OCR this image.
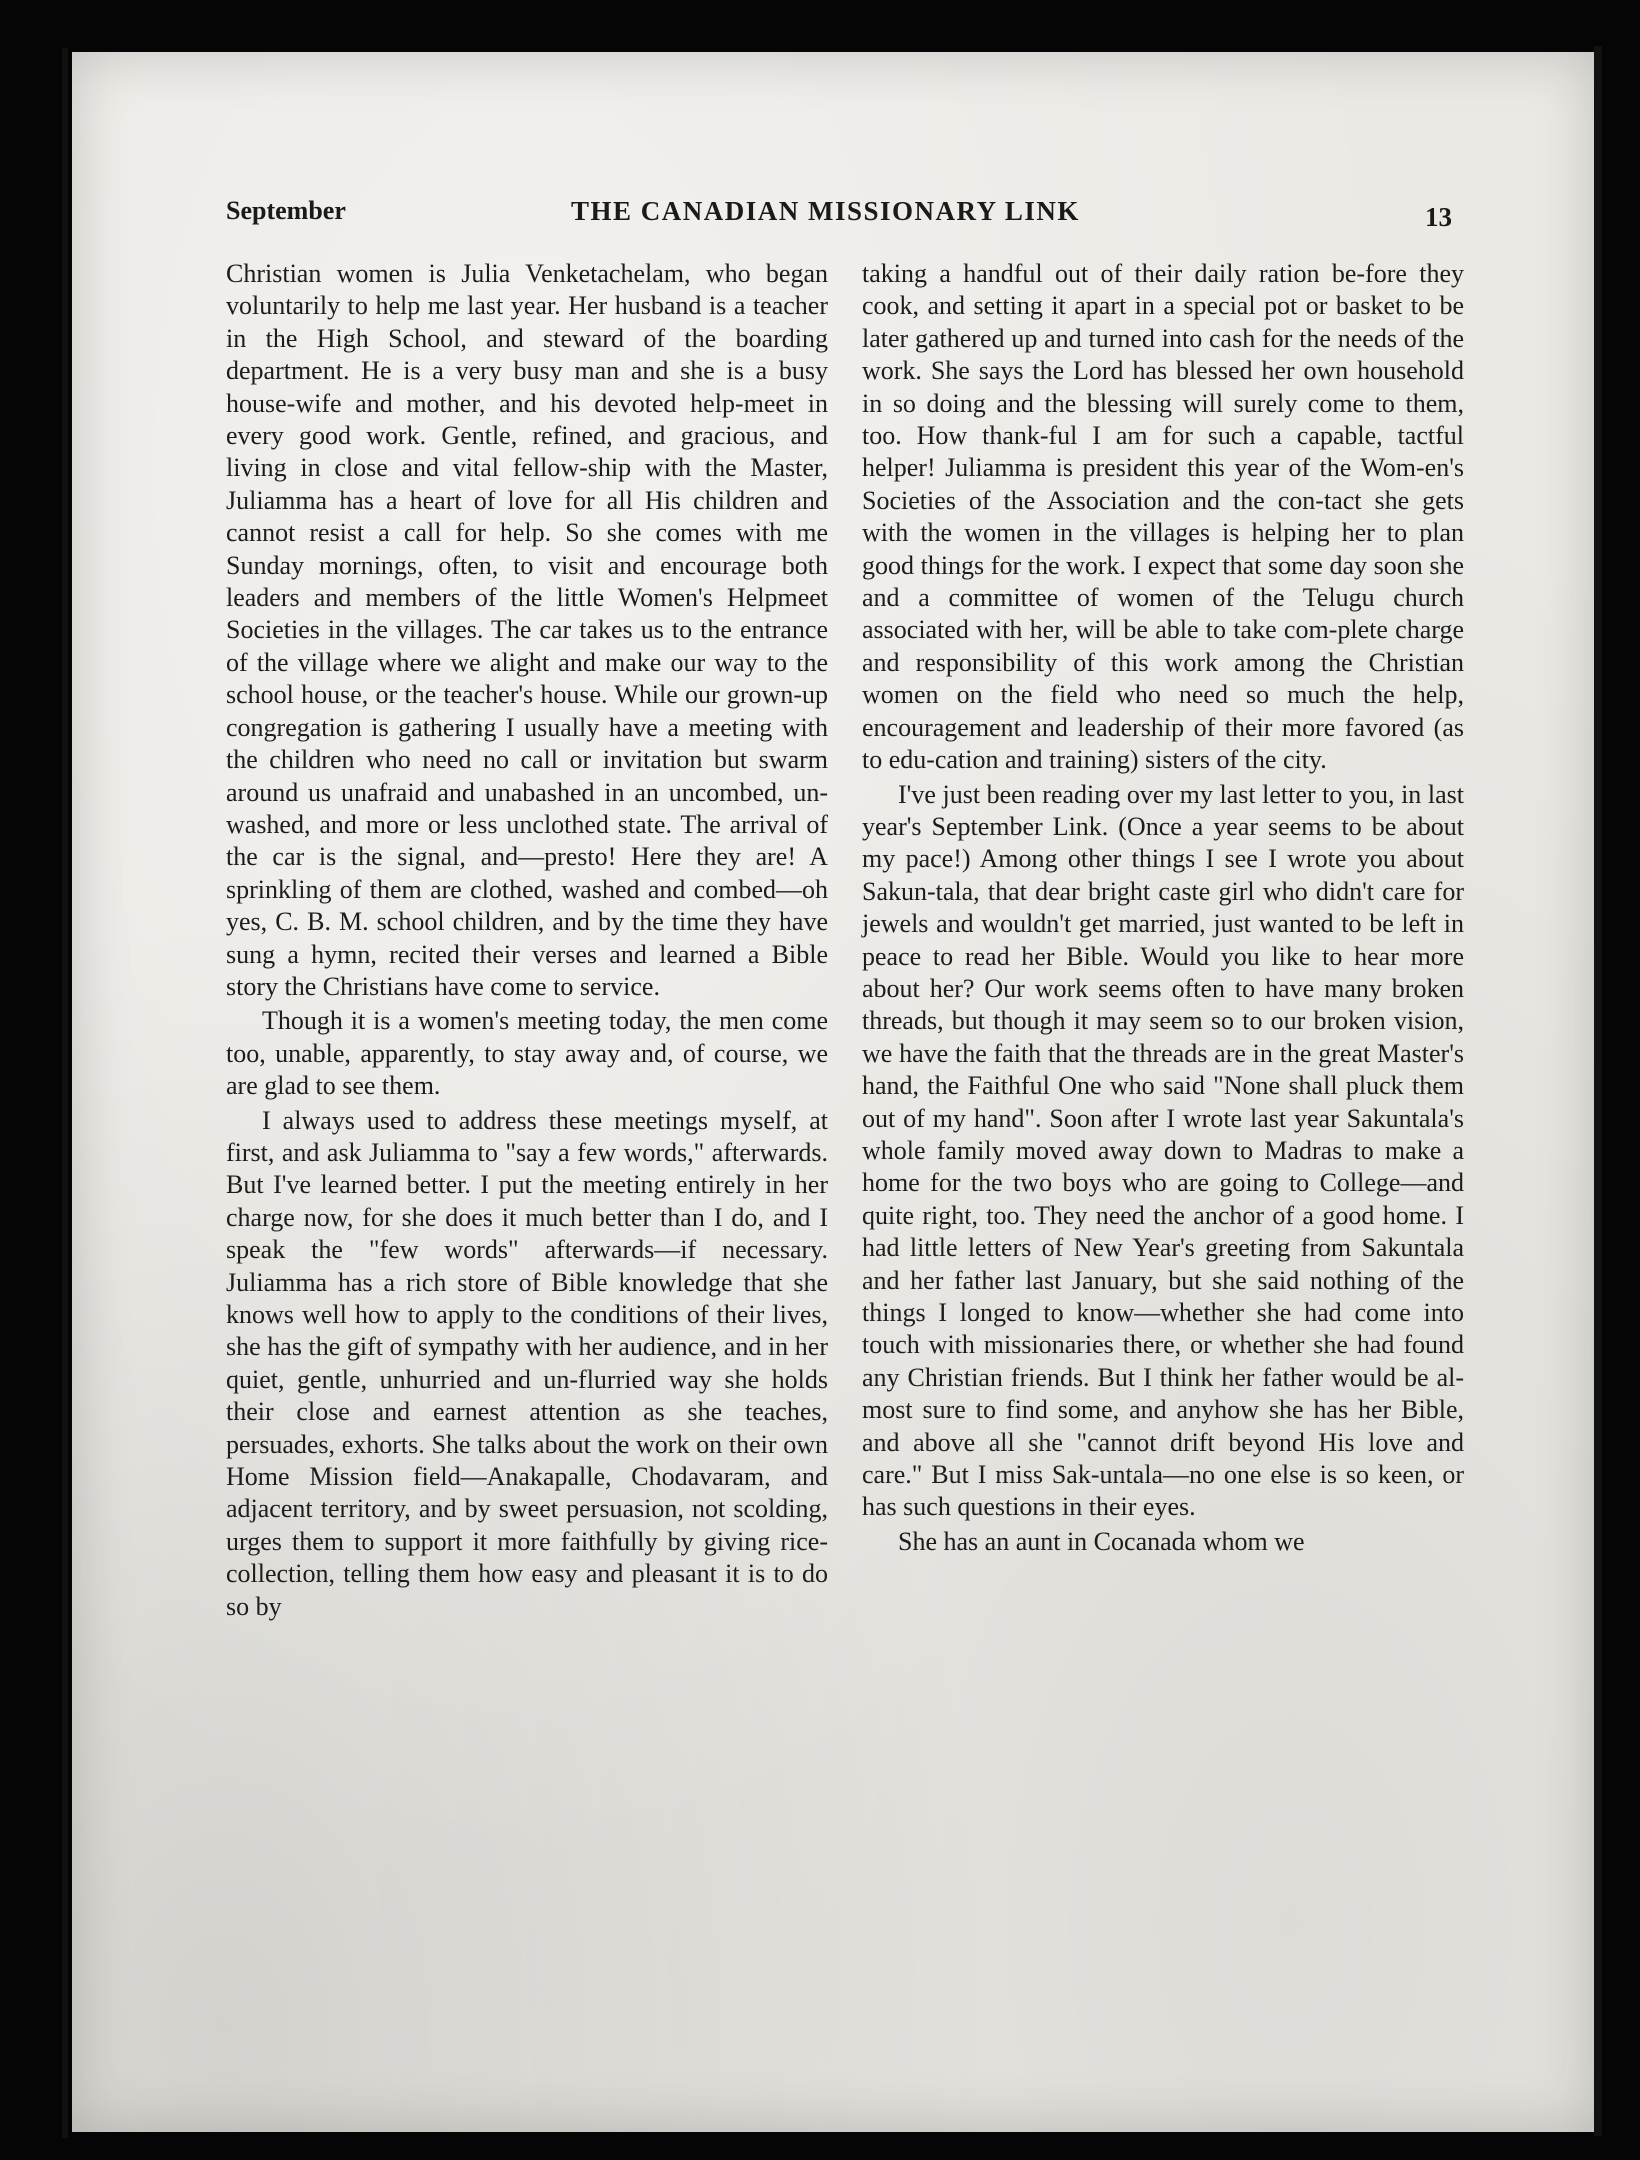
September	THE CANADIAN MISSIONARY LINK	13

Christian women is Julia Venketachelam, who began voluntarily to help me last year. Her husband is a teacher in the High School, and steward of the boarding department. He is a very busy man and she is a busy house-wife and mother, and his devoted help-meet in every good work. Gentle, refined, and gracious, and living in close and vital fellow-ship with the Master, Juliamma has a heart of love for all His children and cannot resist a call for help. So she comes with me Sunday mornings, often, to visit and encourage both leaders and members of the little Women's Helpmeet Societies in the villages. The car takes us to the entrance of the village where we alight and make our way to the school house, or the teacher's house. While our grown-up congregation is gathering I usually have a meeting with the children who need no call or invitation but swarm around us unafraid and unabashed in an uncombed, un-washed, and more or less unclothed state. The arrival of the car is the signal, and—presto! Here they are! A sprinkling of them are clothed, washed and combed—oh yes, C. B. M. school children, and by the time they have sung a hymn, recited their verses and learned a Bible story the Christians have come to service.

Though it is a women's meeting today, the men come too, unable, apparently, to stay away and, of course, we are glad to see them.

I always used to address these meetings myself, at first, and ask Juliamma to "say a few words," afterwards. But I've learned better. I put the meeting entirely in her charge now, for she does it much better than I do, and I speak the "few words" afterwards—if necessary. Juliamma has a rich store of Bible knowledge that she knows well how to apply to the conditions of their lives, she has the gift of sympathy with her audience, and in her quiet, gentle, unhurried and un-flurried way she holds their close and earnest attention as she teaches, persuades, exhorts. She talks about the work on their own Home Mission field—Anakapalle, Chodavaram, and adjacent territory, and by sweet persuasion, not scolding, urges them to support it more faithfully by giving rice-collection, telling them how easy and pleasant it is to do so by

taking a handful out of their daily ration be-fore they cook, and setting it apart in a special pot or basket to be later gathered up and turned into cash for the needs of the work. She says the Lord has blessed her own household in so doing and the blessing will surely come to them, too. How thank-ful I am for such a capable, tactful helper! Juliamma is president this year of the Wom-en's Societies of the Association and the con-tact she gets with the women in the villages is helping her to plan good things for the work. I expect that some day soon she and a committee of women of the Telugu church associated with her, will be able to take com-plete charge and responsibility of this work among the Christian women on the field who need so much the help, encouragement and leadership of their more favored (as to edu-cation and training) sisters of the city.

I've just been reading over my last letter to you, in last year's September Link. (Once a year seems to be about my pace!) Among other things I see I wrote you about Sakun-tala, that dear bright caste girl who didn't care for jewels and wouldn't get married, just wanted to be left in peace to read her Bible. Would you like to hear more about her? Our work seems often to have many broken threads, but though it may seem so to our broken vision, we have the faith that the threads are in the great Master's hand, the Faithful One who said "None shall pluck them out of my hand". Soon after I wrote last year Sakuntala's whole family moved away down to Madras to make a home for the two boys who are going to College—and quite right, too. They need the anchor of a good home. I had little letters of New Year's greeting from Sakuntala and her father last January, but she said nothing of the things I longed to know—whether she had come into touch with missionaries there, or whether she had found any Christian friends. But I think her father would be al-most sure to find some, and anyhow she has her Bible, and above all she "cannot drift beyond His love and care." But I miss Sak-untala—no one else is so keen, or has such questions in their eyes.

She has an aunt in Cocanada whom we
